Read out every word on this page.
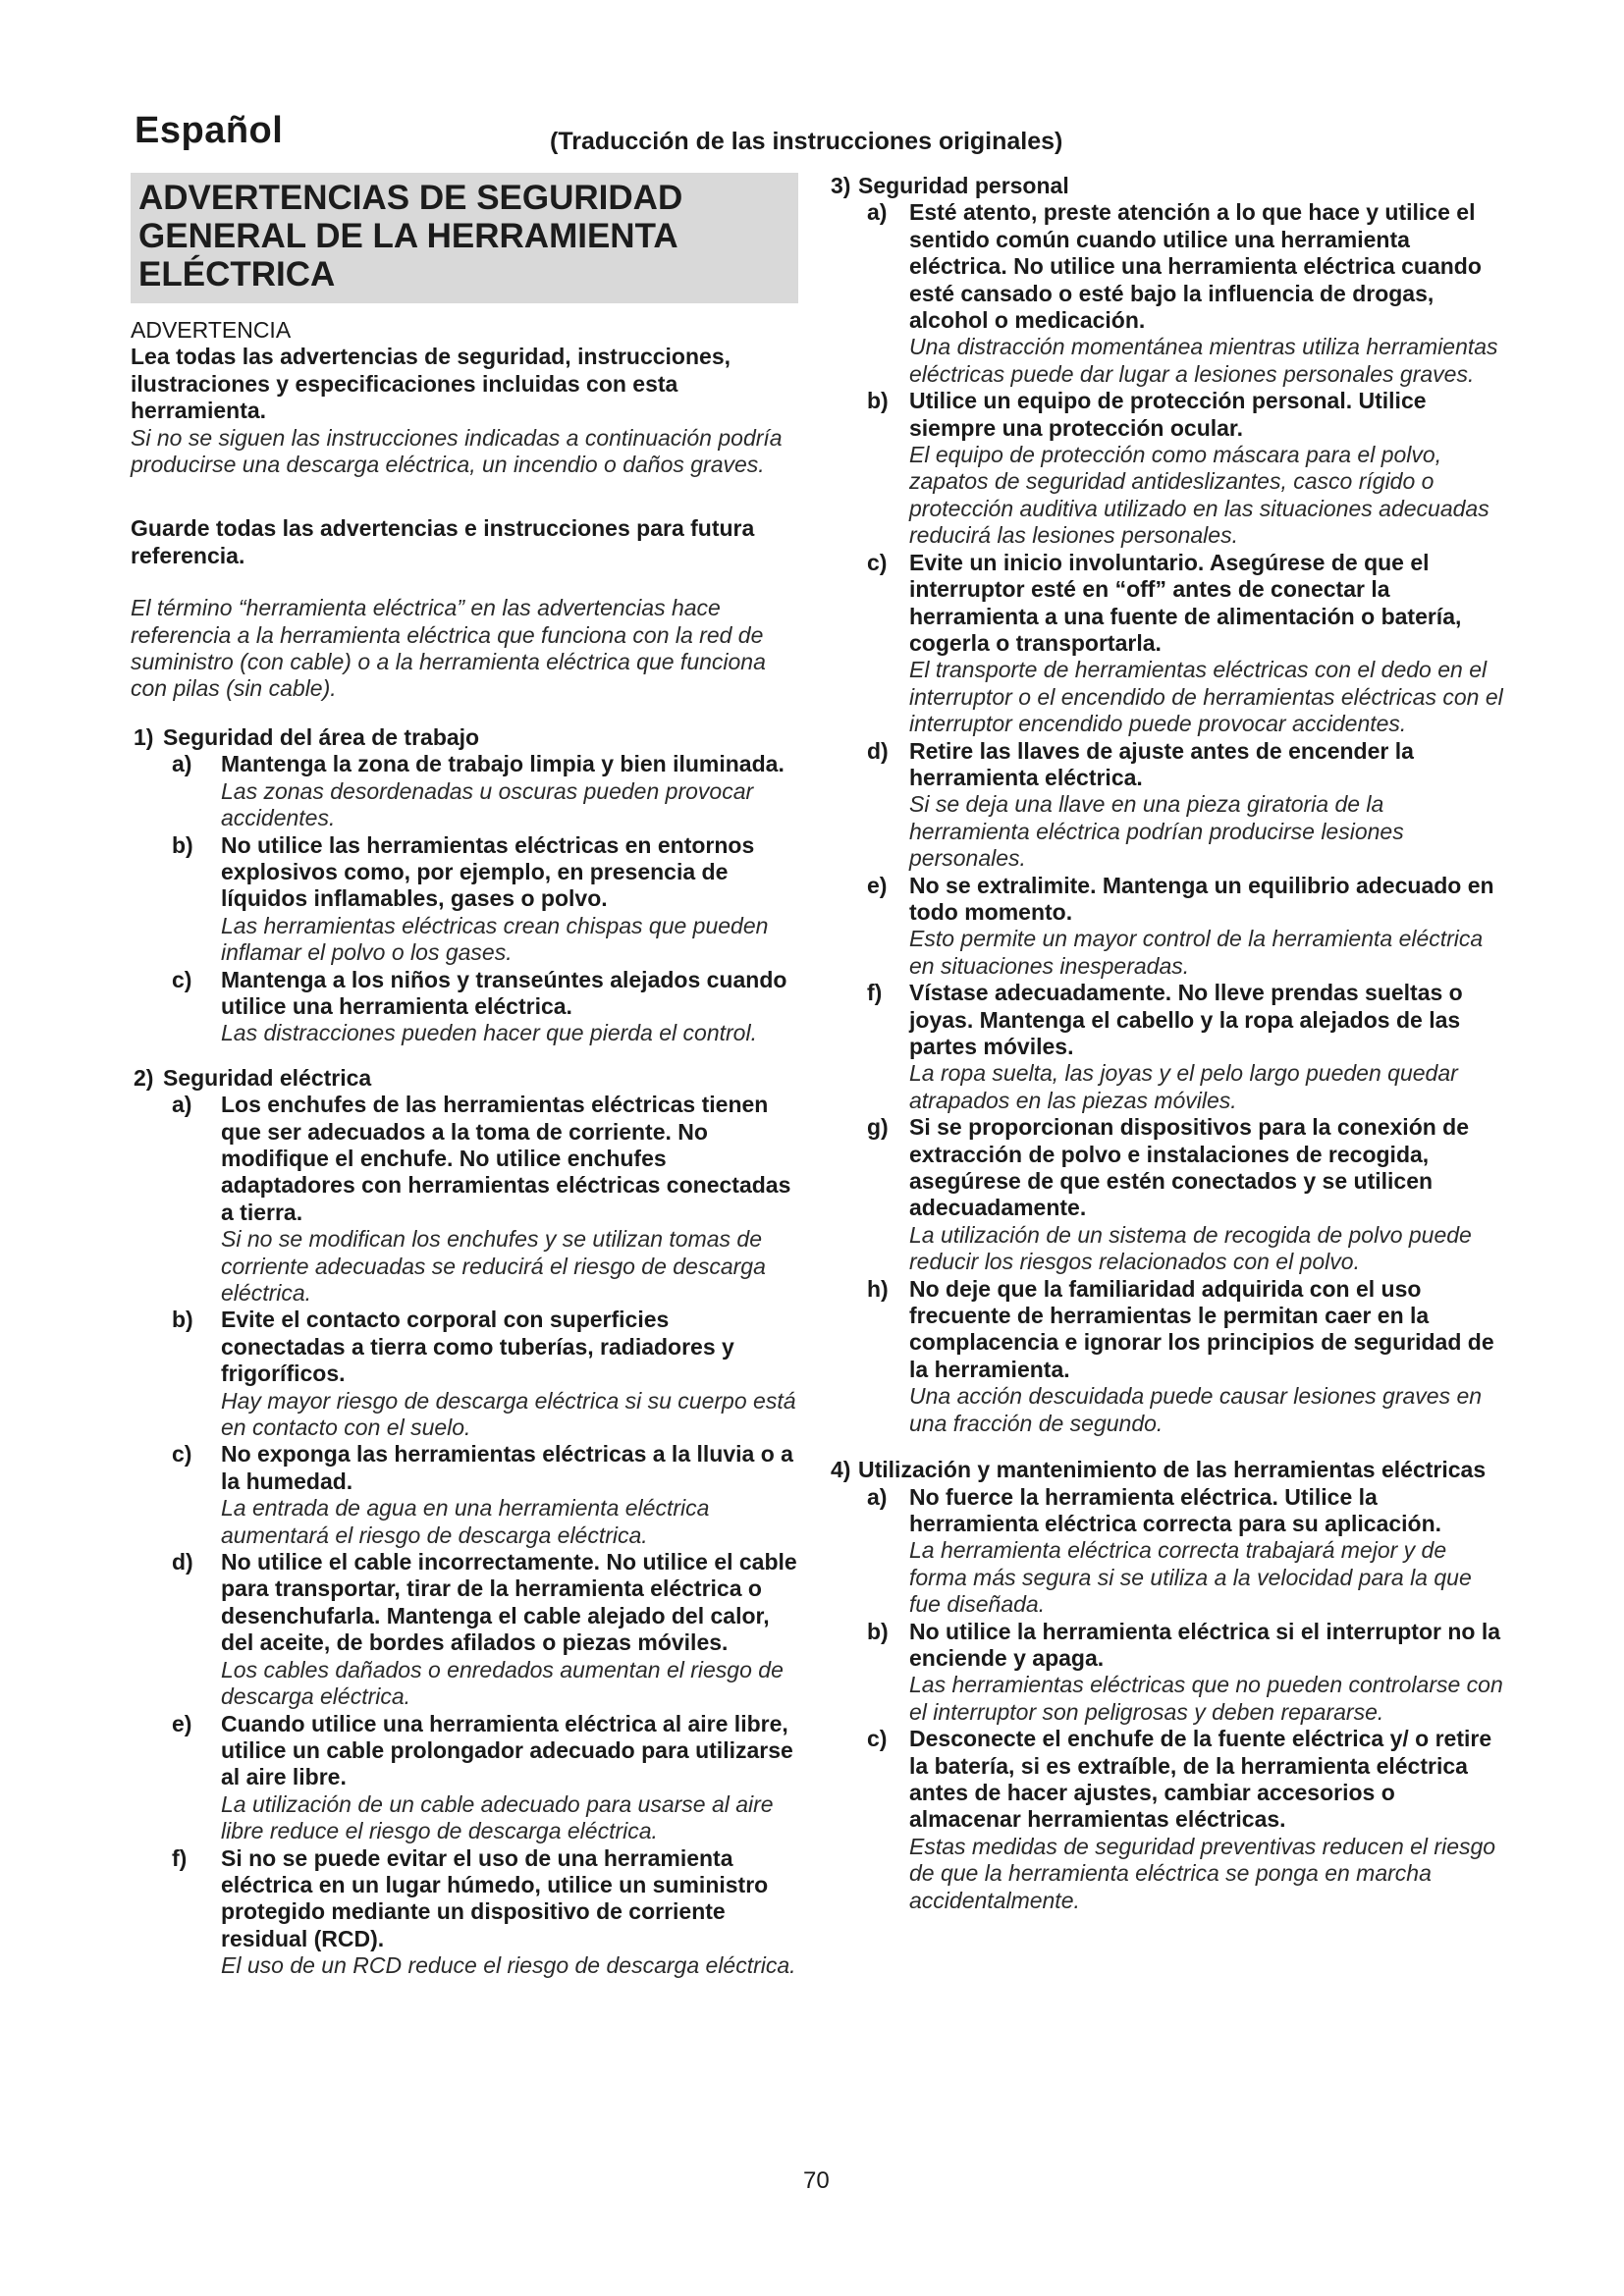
Español	(Traducción de las instrucciones originales)
ADVERTENCIAS DE SEGURIDAD
GENERAL DE LA HERRAMIENTA
ELÉCTRICA
ADVERTENCIA
Lea todas las advertencias de seguridad, instrucciones, ilustraciones y especificaciones incluidas con esta herramienta.
Si no se siguen las instrucciones indicadas a continuación podría producirse una descarga eléctrica, un incendio o daños graves.
Guarde todas las advertencias e instrucciones para futura referencia.
El término “herramienta eléctrica” en las advertencias hace referencia a la herramienta eléctrica que funciona con la red de suministro (con cable) o a la herramienta eléctrica que funciona con pilas (sin cable).
1) Seguridad del área de trabajo
a) Mantenga la zona de trabajo limpia y bien iluminada.
Las zonas desordenadas u oscuras pueden provocar accidentes.
b) No utilice las herramientas eléctricas en entornos explosivos como, por ejemplo, en presencia de líquidos inflamables, gases o polvo.
Las herramientas eléctricas crean chispas que pueden inflamar el polvo o los gases.
c) Mantenga a los niños y transeúntes alejados cuando utilice una herramienta eléctrica.
Las distracciones pueden hacer que pierda el control.
2) Seguridad eléctrica
a) Los enchufes de las herramientas eléctricas tienen que ser adecuados a la toma de corriente. No modifique el enchufe. No utilice enchufes adaptadores con herramientas eléctricas conectadas a tierra.
Si no se modifican los enchufes y se utilizan tomas de corriente adecuadas se reducirá el riesgo de descarga eléctrica.
b) Evite el contacto corporal con superficies conectadas a tierra como tuberías, radiadores y frigoríficos.
Hay mayor riesgo de descarga eléctrica si su cuerpo está en contacto con el suelo.
c) No exponga las herramientas eléctricas a la lluvia o a la humedad.
La entrada de agua en una herramienta eléctrica aumentará el riesgo de descarga eléctrica.
d) No utilice el cable incorrectamente. No utilice el cable para transportar, tirar de la herramienta eléctrica o desenchufarla. Mantenga el cable alejado del calor, del aceite, de bordes afilados o piezas móviles.
Los cables dañados o enredados aumentan el riesgo de descarga eléctrica.
e) Cuando utilice una herramienta eléctrica al aire libre, utilice un cable prolongador adecuado para utilizarse al aire libre.
La utilización de un cable adecuado para usarse al aire libre reduce el riesgo de descarga eléctrica.
f) Si no se puede evitar el uso de una herramienta eléctrica en un lugar húmedo, utilice un suministro protegido mediante un dispositivo de corriente residual (RCD).
El uso de un RCD reduce el riesgo de descarga eléctrica.
3) Seguridad personal
a) Esté atento, preste atención a lo que hace y utilice el sentido común cuando utilice una herramienta eléctrica. No utilice una herramienta eléctrica cuando esté cansado o esté bajo la influencia de drogas, alcohol o medicación.
Una distracción momentánea mientras utiliza herramientas eléctricas puede dar lugar a lesiones personales graves.
b) Utilice un equipo de protección personal. Utilice siempre una protección ocular.
El equipo de protección como máscara para el polvo, zapatos de seguridad antideslizantes, casco rígido o protección auditiva utilizado en las situaciones adecuadas reducirá las lesiones personales.
c) Evite un inicio involuntario. Asegúrese de que el interruptor esté en “off” antes de conectar la herramienta a una fuente de alimentación o batería, cogerla o transportarla.
El transporte de herramientas eléctricas con el dedo en el interruptor o el encendido de herramientas eléctricas con el interruptor encendido puede provocar accidentes.
d) Retire las llaves de ajuste antes de encender la herramienta eléctrica.
Si se deja una llave en una pieza giratoria de la herramienta eléctrica podrían producirse lesiones personales.
e) No se extralimite. Mantenga un equilibrio adecuado en todo momento.
Esto permite un mayor control de la herramienta eléctrica en situaciones inesperadas.
f) Vístase adecuadamente. No lleve prendas sueltas o joyas. Mantenga el cabello y la ropa alejados de las partes móviles.
La ropa suelta, las joyas y el pelo largo pueden quedar atrapados en las piezas móviles.
g) Si se proporcionan dispositivos para la conexión de extracción de polvo e instalaciones de recogida, asegúrese de que estén conectados y se utilicen adecuadamente.
La utilización de un sistema de recogida de polvo puede reducir los riesgos relacionados con el polvo.
h) No deje que la familiaridad adquirida con el uso frecuente de herramientas le permitan caer en la complacencia e ignorar los principios de seguridad de la herramienta.
Una acción descuidada puede causar lesiones graves en una fracción de segundo.
4) Utilización y mantenimiento de las herramientas eléctricas
a) No fuerce la herramienta eléctrica. Utilice la herramienta eléctrica correcta para su aplicación.
La herramienta eléctrica correcta trabajará mejor y de forma más segura si se utiliza a la velocidad para la que fue diseñada.
b) No utilice la herramienta eléctrica si el interruptor no la enciende y apaga.
Las herramientas eléctricas que no pueden controlarse con el interruptor son peligrosas y deben repararse.
c) Desconecte el enchufe de la fuente eléctrica y/ o retire la batería, si es extraíble, de la herramienta eléctrica antes de hacer ajustes, cambiar accesorios o almacenar herramientas eléctricas.
Estas medidas de seguridad preventivas reducen el riesgo de que la herramienta eléctrica se ponga en marcha accidentalmente.
70
